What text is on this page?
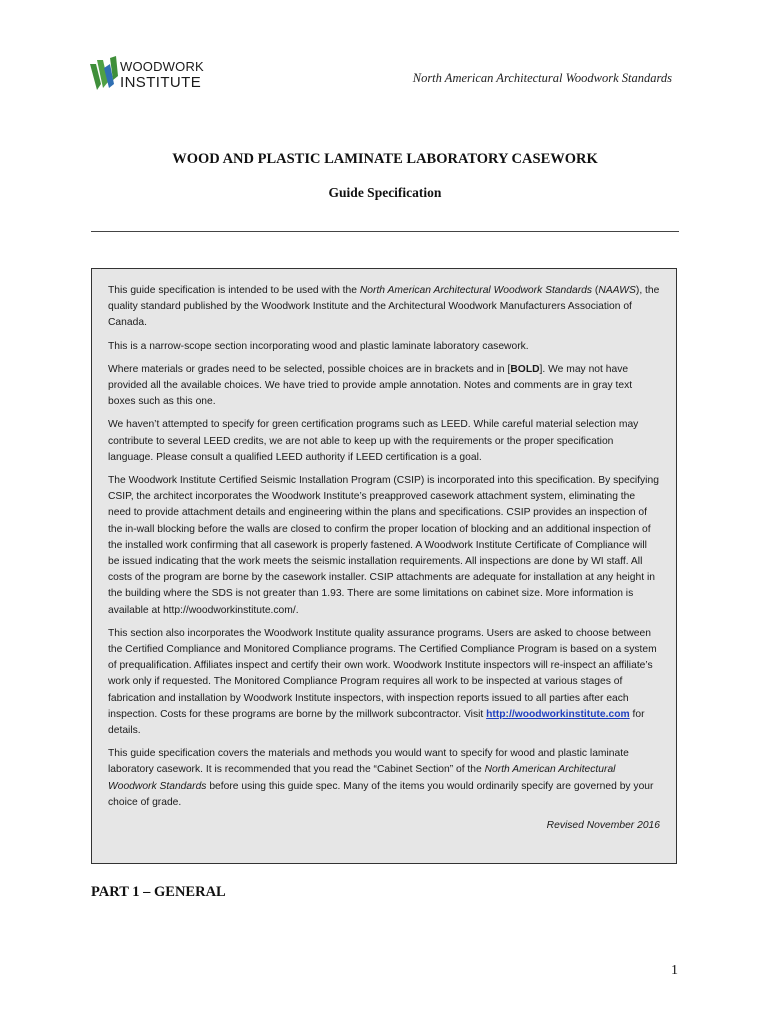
WOODWORK
INSTITUTE	North American Architectural Woodwork Standards
WOOD AND PLASTIC LAMINATE LABORATORY CASEWORK
Guide Specification

This guide specification is intended to be used with the North American Architectural Woodwork Standards (NAAWS), the quality standard published by the Woodwork Institute and the Architectural Woodwork Manufacturers Association of Canada.

This is a narrow-scope section incorporating wood and plastic laminate laboratory casework.

Where materials or grades need to be selected, possible choices are in brackets and in [BOLD]. We may not have provided all the available choices. We have tried to provide ample annotation. Notes and comments are in gray text boxes such as this one.

We haven’t attempted to specify for green certification programs such as LEED. While careful material selection may contribute to several LEED credits, we are not able to keep up with the requirements or the proper specification language. Please consult a qualified LEED authority if LEED certification is a goal.

The Woodwork Institute Certified Seismic Installation Program (CSIP) is incorporated into this specification. By specifying CSIP, the architect incorporates the Woodwork Institute’s preapproved casework attachment system, eliminating the need to provide attachment details and engineering within the plans and specifications. CSIP provides an inspection of the in-wall blocking before the walls are closed to confirm the proper location of blocking and an additional inspection of the installed work confirming that all casework is properly fastened. A Woodwork Institute Certificate of Compliance will be issued indicating that the work meets the seismic installation requirements. All inspections are done by WI staff. All costs of the program are borne by the casework installer. CSIP attachments are adequate for installation at any height in the building where the SDS is not greater than 1.93. There are some limitations on cabinet size. More information is available at http://woodworkinstitute.com/.

This section also incorporates the Woodwork Institute quality assurance programs. Users are asked to choose between the Certified Compliance and Monitored Compliance programs. The Certified Compliance Program is based on a system of prequalification. Affiliates inspect and certify their own work. Woodwork Institute inspectors will re-inspect an affiliate’s work only if requested. The Monitored Compliance Program requires all work to be inspected at various stages of fabrication and installation by Woodwork Institute inspectors, with inspection reports issued to all parties after each inspection. Costs for these programs are borne by the millwork subcontractor. Visit http://woodworkinstitute.com for details.

This guide specification covers the materials and methods you would want to specify for wood and plastic laminate laboratory casework. It is recommended that you read the “Cabinet Section” of the North American Architectural Woodwork Standards before using this guide spec. Many of the items you would ordinarily specify are governed by your choice of grade.

Revised November 2016

PART 1 – GENERAL
1
